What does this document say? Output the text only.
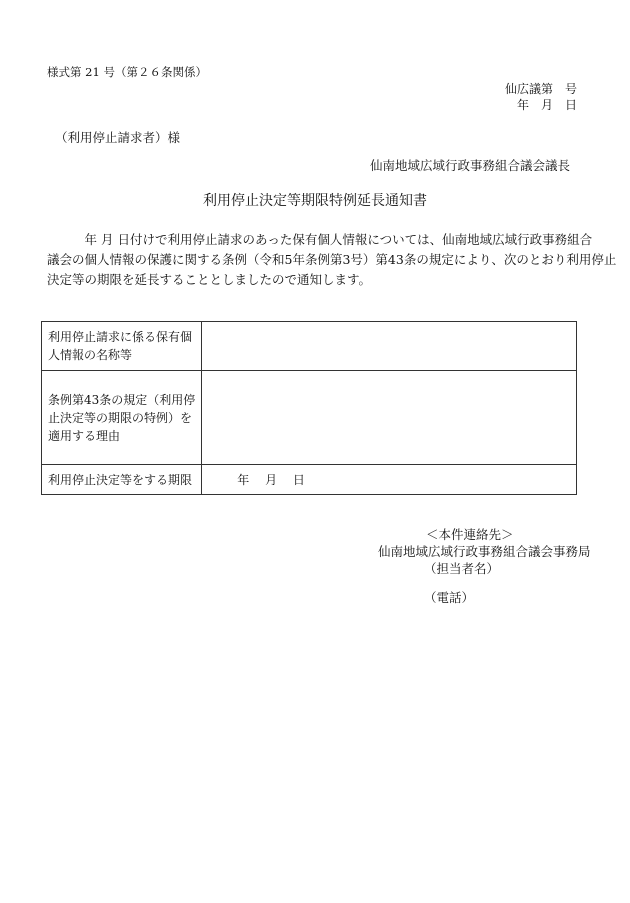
様式第 21 号（第２６条関係）
仙広議第　号
年　月　日
（利用停止請求者）様
仙南地域広域行政事務組合議会議長
利用停止決定等期限特例延長通知書

　　　年 月 日付けで利用停止請求のあった保有個人情報については、仙南地域広域行政事務組合

議会の個人情報の保護に関する条例（令和5年条例第3号）第43条の規定により、次のとおり利用停止

決定等の期限を延長することとしましたので通知します。

利用停止請求に係る保有個
人情報の名称等	

条例第43条の規定（利用停
止決定等の期限の特例）を
適用する理由	

利用停止決定等をする期限	年　 月　 日
＜本件連絡先＞
仙南地域広域行政事務組合議会事務局
（担当者名）
（電話）
